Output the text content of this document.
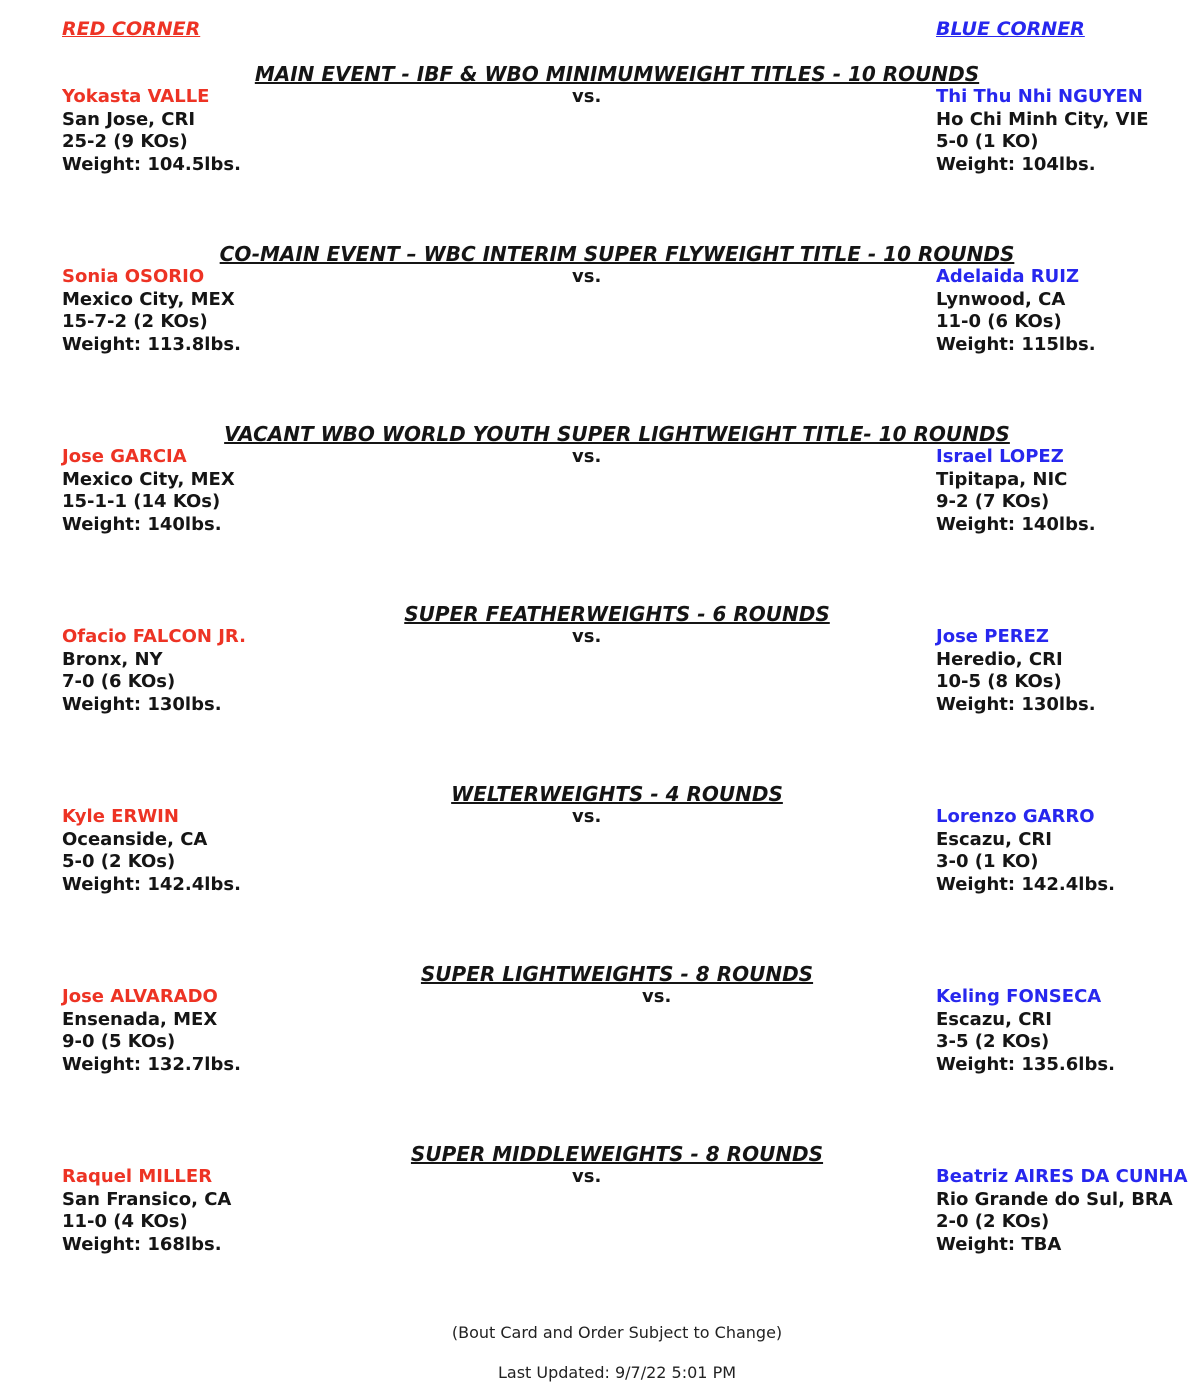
RED CORNER	BLUE CORNER
MAIN EVENT - IBF & WBO MINIMUMWEIGHT TITLES - 10 ROUNDS
Yokasta VALLE
San Jose, CRI
25-2 (9 KOs)
Weight: 104.5lbs.
vs.	Thi Thu Nhi NGUYEN
Ho Chi Minh City, VIE
5-0 (1 KO)
Weight: 104lbs.
CO-MAIN EVENT – WBC INTERIM SUPER FLYWEIGHT TITLE - 10 ROUNDS
Sonia OSORIO
Mexico City, MEX
15-7-2 (2 KOs)
Weight: 113.8lbs.
vs.	Adelaida RUIZ
Lynwood, CA
11-0 (6 KOs)
Weight: 115lbs.
VACANT WBO WORLD YOUTH SUPER LIGHTWEIGHT TITLE- 10 ROUNDS
Jose GARCIA
Mexico City, MEX
15-1-1 (14 KOs)
Weight: 140lbs.
vs.	Israel LOPEZ
Tipitapa, NIC
9-2 (7 KOs)
Weight: 140lbs.
SUPER FEATHERWEIGHTS - 6 ROUNDS
Ofacio FALCON JR.
Bronx, NY
7-0 (6 KOs)
Weight: 130lbs.
vs.	Jose PEREZ
Heredio, CRI
10-5 (8 KOs)
Weight: 130lbs.
WELTERWEIGHTS - 4 ROUNDS
Kyle ERWIN
Oceanside, CA
5-0 (2 KOs)
Weight: 142.4lbs.
vs.	Lorenzo GARRO
Escazu, CRI
3-0 (1 KO)
Weight: 142.4lbs.
SUPER LIGHTWEIGHTS - 8 ROUNDS
Jose ALVARADO
Ensenada, MEX
9-0 (5 KOs)
Weight: 132.7lbs.
vs.	Keling FONSECA
Escazu, CRI
3-5 (2 KOs)
Weight: 135.6lbs.
SUPER MIDDLEWEIGHTS - 8 ROUNDS
Raquel MILLER
San Fransico, CA
11-0 (4 KOs)
Weight: 168lbs.
vs.	Beatriz AIRES DA CUNHA
Rio Grande do Sul, BRA
2-0 (2 KOs)
Weight: TBA
(Bout Card and Order Subject to Change)
Last Updated: 9/7/22 5:01 PM
